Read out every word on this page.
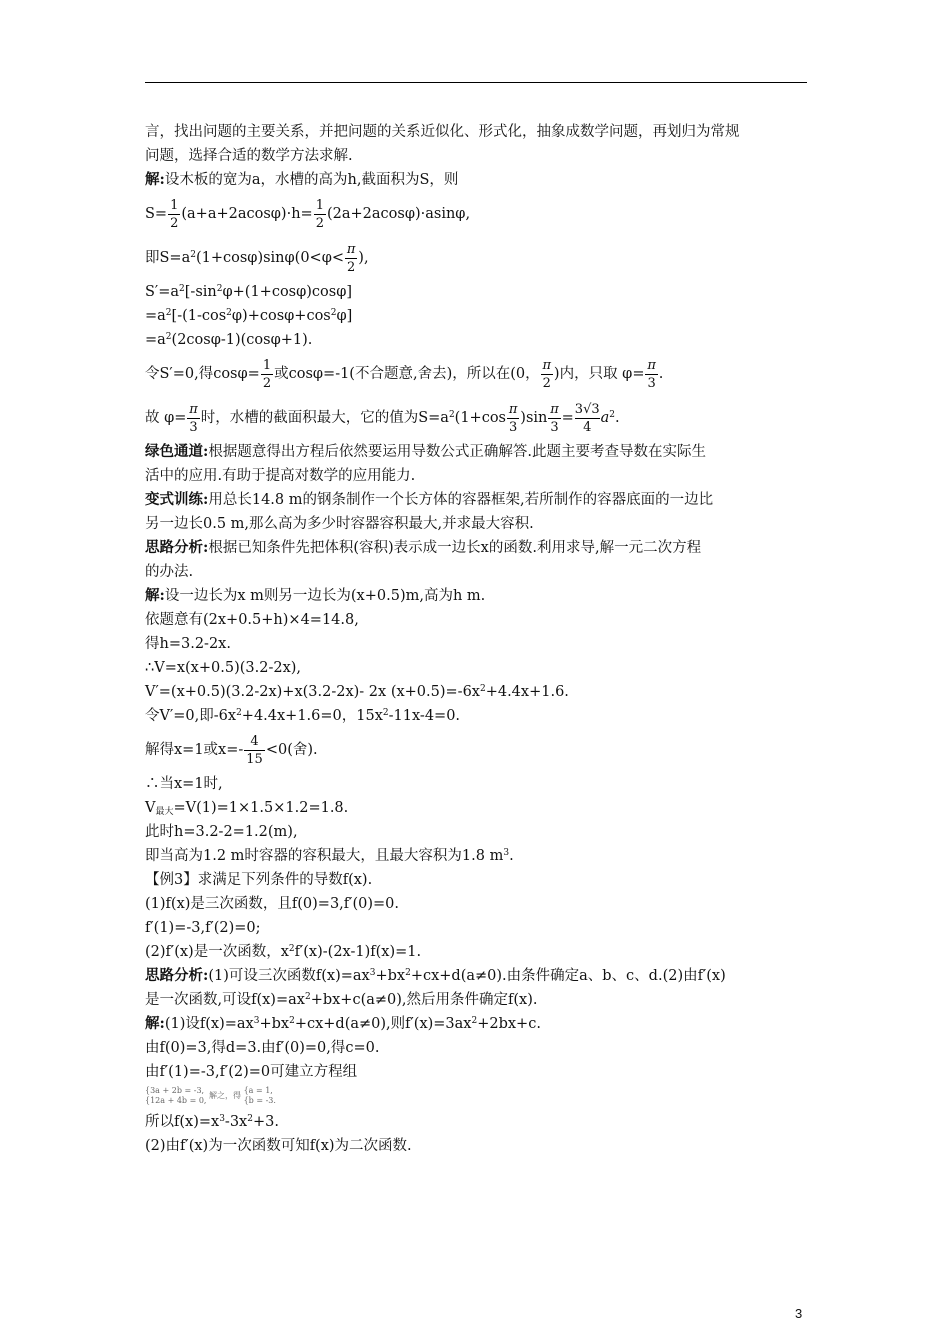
言，找出问题的主要关系，并把问题的关系近似化、形式化，抽象成数学问题，再划归为常规
问题，选择合适的数学方法求解.
解:设木板的宽为a，水槽的高为h,截面积为S，则
$S= \frac{1}{2} (a+a+2acos\varphi)\cdot h= \frac{1}{2} (2a+2acos\varphi)\cdot asin\varphi$,
即$S=a^2(1+\cos\varphi)\sin\varphi(0<\varphi< \frac{\pi}{2}$ ),
$S'=a^2[-\sin^2\varphi+(1+\cos\varphi)\cos\varphi]$
$=a^2[-(1-\cos^2\varphi)+\cos\varphi+\cos^2\varphi]$
$=a^2(2\cos\varphi-1)(\cos\varphi+1)$.
令S′=0,得$\cos\varphi= \frac{1}{2}$ 或cosφ=-1(不合题意,舍去)，所以在(0， $\frac{\pi}{2}$ )内，只取 $\varphi= \frac{\pi}{3}$ .
故 $\varphi= \frac{\pi}{3}$ 时，水槽的截面积最大，它的值为$S=a^2(1+\cos \frac{\pi}{3} )\sin \frac{\pi}{3} = \frac{3√3}{4} a^2$.
绿色通道:根据题意得出方程后依然要运用导数公式正确解答.此题主要考查导数在实际生
活中的应用.有助于提高对数学的应用能力.
变式训练:用总长14.8 m的钢条制作一个长方体的容器框架,若所制作的容器底面的一边比
另一边长0.5 m,那么高为多少时容器容积最大,并求最大容积.
思路分析:根据已知条件先把体积(容积)表示成一边长x的函数.利用求导,解一元二次方程
的办法.
解:设一边长为x m则另一边长为(x+0.5)m,高为h m.
依题意有(2x+0.5+h)×4=14.8,
得h=3.2-2x.
∴V=x(x+0.5)(3.2-2x),
V′=(x+0.5)(3.2-2x)+x(3.2-2x)- 2x $(x+0.5)=-6x^2+4.4x+1.6$.
令V′=0,即$-6x^2+4.4x+1.6=0$，$15x^2-11x-4=0$.
解得x=1或$x=- \frac{4}{15} <0$(舍).
∴当x=1时,
$V_{最大}=V(1)=1\times 1.5\times 1.2=1.8$.
此时h=3.2-2=1.2(m),
即当高为1.2 m时容器的容积最大，且最大容积为1.8 $m^3$.
【例3】求满足下列条件的导数f(x).
(1)f(x)是三次函数，且f(0)=3,f′(0)=0.
f′(1)=-3,f′(2)=0;
(2)f′(x)是一次函数，$x^2f'(x)-(2x-1)f(x)=1$.
思路分析:(1)可设三次函数$f(x)=ax^3+bx^2+cx+d(a\ne 0)$.由条件确定a、b、c、d.(2)由f′(x)
是一次函数,可设$f(x)=ax^2+bx+c(a\ne 0)$,然后用条件确定f(x).
解:(1)设$f(x)=ax^3+bx^2+cx+d(a\ne 0)$,则$f'(x)=3ax^2+2bx+c$.
由f(0)=3,得d=3.由f′(0)=0,得c=0.
由f′(1)=-3,f′(2)=0可建立方程组
{3a + 2b = -3,
{12a + 4b = 0, 解之，得 {a = 1,
{b = -3.
所以$f(x)=x^3-3x^2+3$.
(2)由f′(x)为一次函数可知f(x)为二次函数.
3
